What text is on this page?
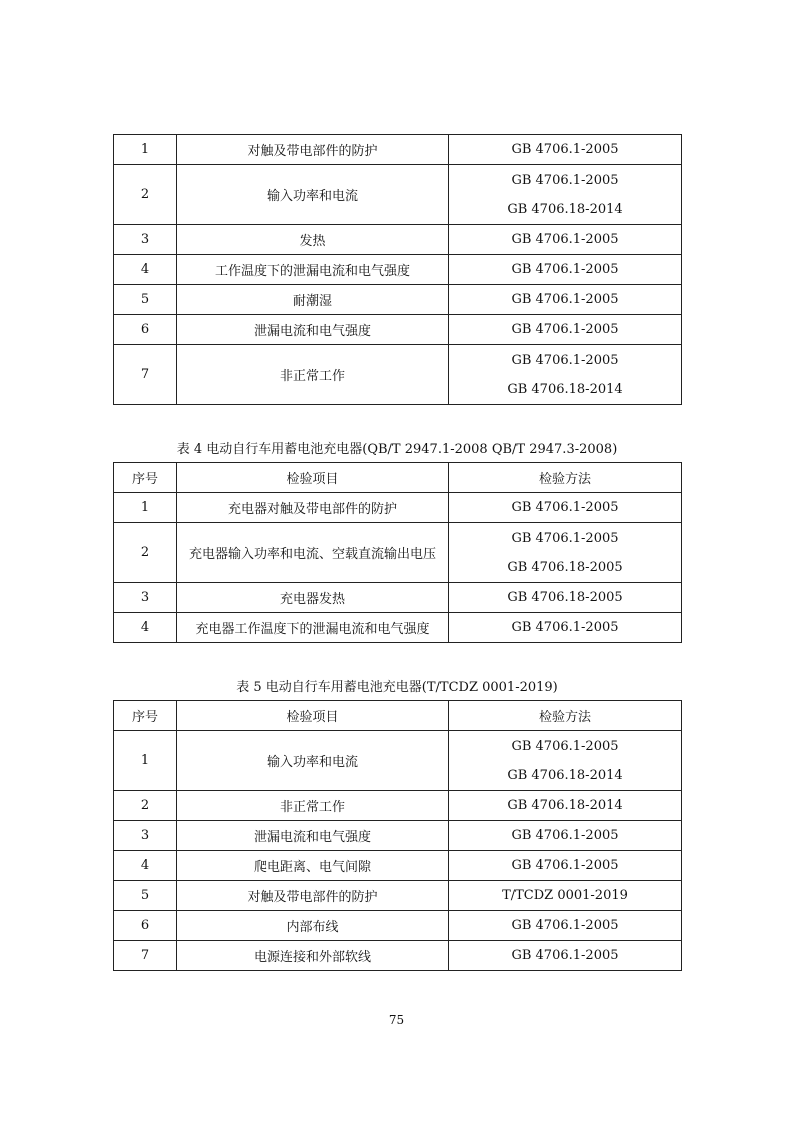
1	对触及带电部件的防护	GB 4706.1-2005

2	输入功率和电流	GB 4706.1-2005
GB 4706.18-2014

3	发热	GB 4706.1-2005

4	工作温度下的泄漏电流和电气强度	GB 4706.1-2005

5	耐潮湿	GB 4706.1-2005

6	泄漏电流和电气强度	GB 4706.1-2005

7	非正常工作	GB 4706.1-2005
GB 4706.18-2014
表 4 电动自行车用蓄电池充电器(QB/T 2947.1-2008 QB/T 2947.3-2008)
序号	检验项目	检验方法
1	充电器对触及带电部件的防护	GB 4706.1-2005

2	充电器输入功率和电流、空载直流输出电压	GB 4706.1-2005
GB 4706.18-2005

3	充电器发热	GB 4706.18-2005

4	充电器工作温度下的泄漏电流和电气强度	GB 4706.1-2005
表 5 电动自行车用蓄电池充电器(T/TCDZ 0001-2019)
序号	检验项目	检验方法
1	输入功率和电流	GB 4706.1-2005
GB 4706.18-2014

2	非正常工作	GB 4706.18-2014

3	泄漏电流和电气强度	GB 4706.1-2005

4	爬电距离、电气间隙	GB 4706.1-2005

5	对触及带电部件的防护	T/TCDZ 0001-2019

6	内部布线	GB 4706.1-2005

7	电源连接和外部软线	GB 4706.1-2005
75
